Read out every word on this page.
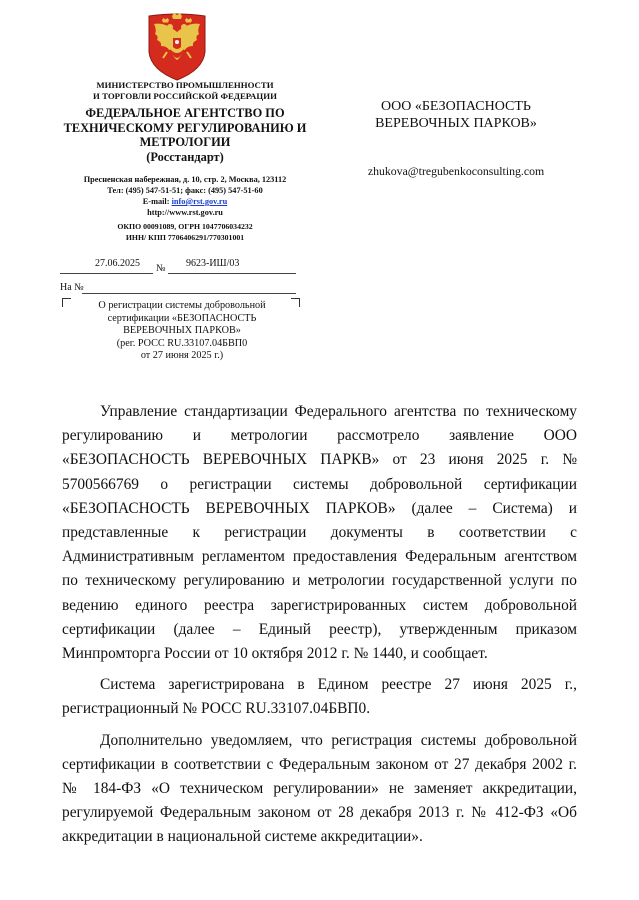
МИНИСТЕРСТВО ПРОМЫШЛЕННОСТИ
И ТОРГОВЛИ РОССИЙСКОЙ ФЕДЕРАЦИИ
ФЕДЕРАЛЬНОЕ АГЕНТСТВО ПО
ТЕХНИЧЕСКОМУ РЕГУЛИРОВАНИЮ И
МЕТРОЛОГИИ
(Росстандарт)
Пресненская набережная, д. 10, стр. 2, Москва, 123112
Тел: (495) 547-51-51; факс: (495) 547-51-60
E-mail: info@rst.gov.ru
http://www.rst.gov.ru
ОКПО 00091089, ОГРН 1047706034232
ИНН/ КПП 7706406291/770301001
27.06.2025 № 9623-ИШ/03
На №
О регистрации системы добровольной
сертификации «БЕЗОПАСНОСТЬ
ВЕРЕВОЧНЫХ ПАРКОВ»
(рег. РОСС RU.33107.04БВП0
от 27 июня 2025 г.)
ООО «БЕЗОПАСНОСТЬ
ВЕРЕВОЧНЫХ ПАРКОВ»
zhukova@tregubenkoconsulting.com

Управление стандартизации Федерального агентства по техническому регулированию и метрологии рассмотрело заявление ООО «БЕЗОПАСНОСТЬ ВЕРЕВОЧНЫХ ПАРКВ» от 23 июня 2025 г. № 5700566769 о регистрации системы добровольной сертификации «БЕЗОПАСНОСТЬ ВЕРЕВОЧНЫХ ПАРКОВ» (далее – Система) и представленные к регистрации документы в соответствии с Административным регламентом предоставления Федеральным агентством по техническому регулированию и метрологии государственной услуги по ведению единого реестра зарегистрированных систем добровольной сертификации (далее – Единый реестр), утвержденным приказом Минпромторга России от 10 октября 2012 г. № 1440, и сообщает.

Система зарегистрирована в Едином реестре 27 июня 2025 г., регистрационный № РОСС RU.33107.04БВП0.

Дополнительно уведомляем, что регистрация системы добровольной сертификации в соответствии с Федеральным законом от 27 декабря 2002 г. № 184-ФЗ «О техническом регулировании» не заменяет аккредитации, регулируемой Федеральным законом от 28 декабря 2013 г. № 412-ФЗ «Об аккредитации в национальной системе аккредитации».
